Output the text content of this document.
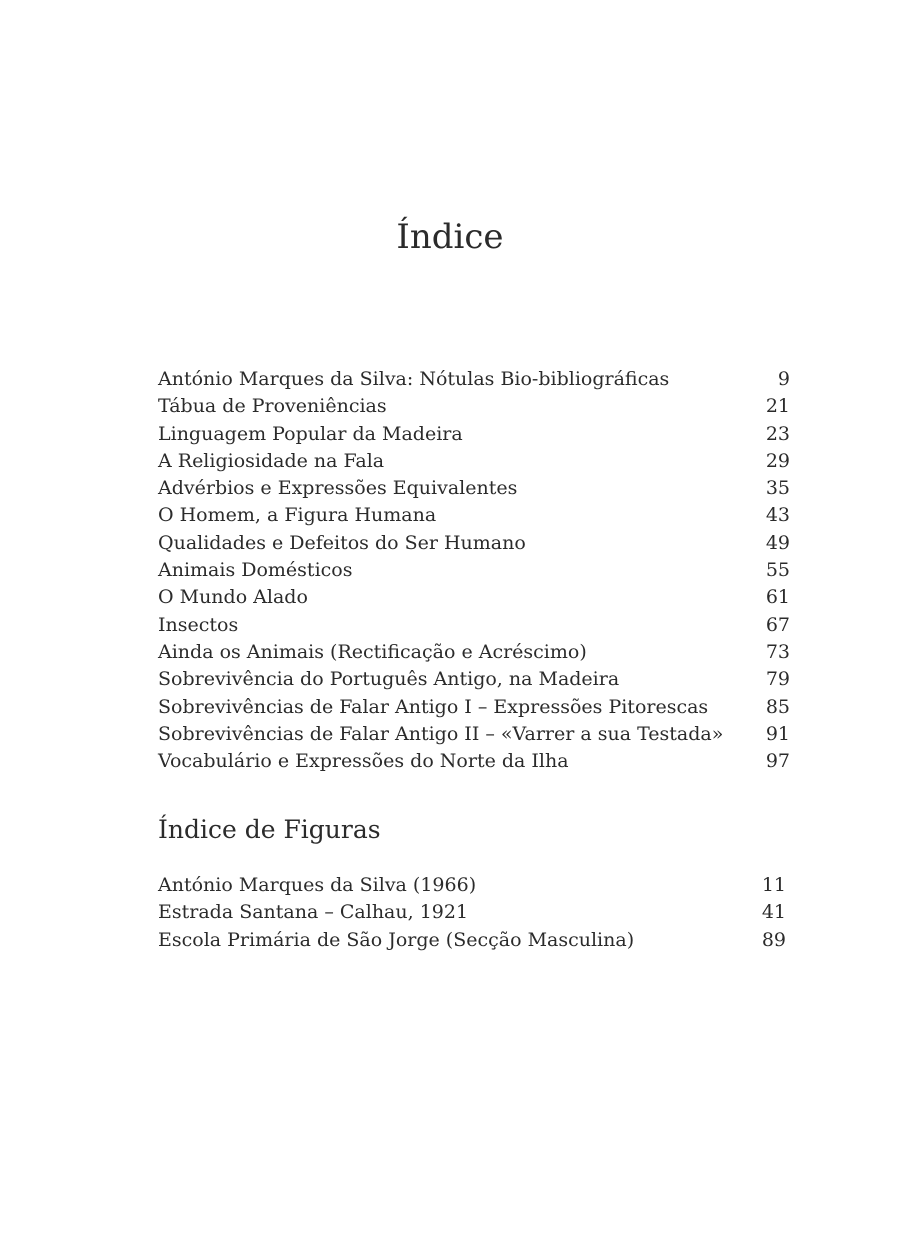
Índice
António Marques da Silva: Nótulas Bio-bibliográficas	9
Tábua de Proveniências	21
Linguagem Popular da Madeira	23
A Religiosidade na Fala	29
Advérbios e Expressões Equivalentes	35
O Homem, a Figura Humana	43
Qualidades e Defeitos do Ser Humano	49
Animais Domésticos	55
O Mundo Alado	61
Insectos	67
Ainda os Animais (Rectificação e Acréscimo)	73
Sobrevivência do Português Antigo, na Madeira	79
Sobrevivências de Falar Antigo I – Expressões Pitorescas	85
Sobrevivências de Falar Antigo II – «Varrer a sua Testada» 91
Vocabulário e Expressões do Norte da Ilha	97
Índice de Figuras
António Marques da Silva (1966)	11
Estrada Santana – Calhau, 1921	41
Escola Primária de São Jorge (Secção Masculina)	89
